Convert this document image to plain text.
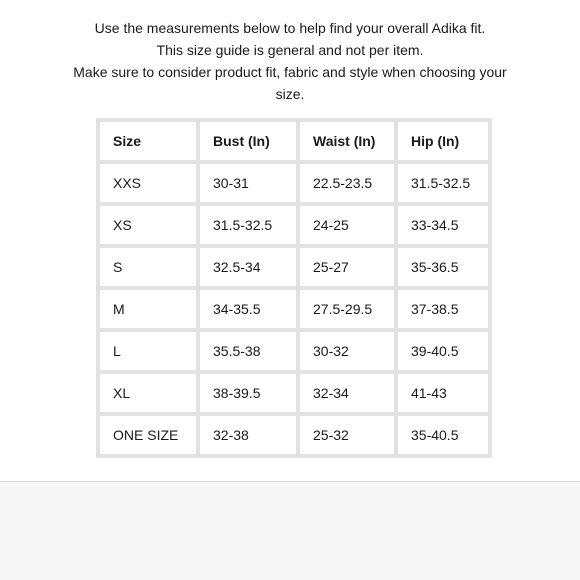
Use the measurements below to help find your overall Adika fit.

This size guide is general and not per item.

Make sure to consider product fit, fabric and style when choosing your

size.

Size	Bust (In)	Waist (In)	Hip (In)
XXS	30-31	22.5-23.5	31.5-32.5
XS	31.5-32.5	24-25	33-34.5
S	32.5-34	25-27	35-36.5
M	34-35.5	27.5-29.5	37-38.5
L	35.5-38	30-32	39-40.5
XL	38-39.5	32-34	41-43
ONE SIZE	32-38	25-32	35-40.5
